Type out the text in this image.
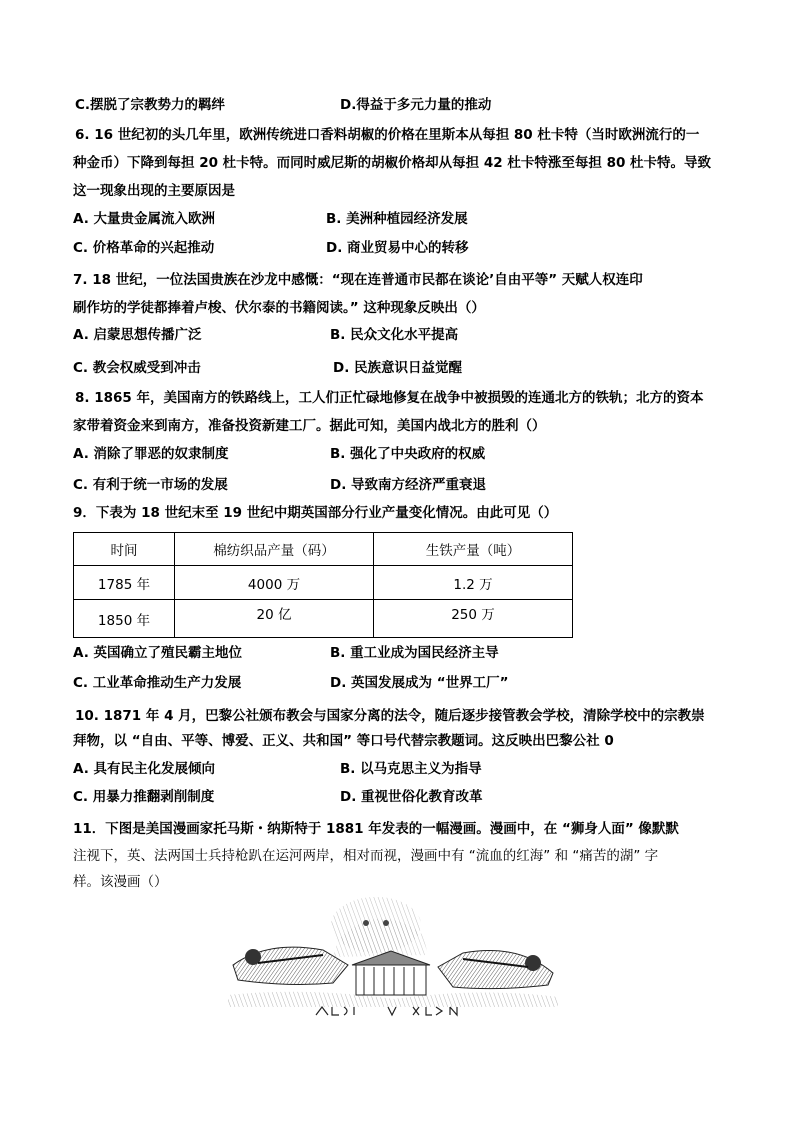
C.摆脱了宗教势力的羁绊	D.得益于多元力量的推动
6. 16 世纪初的头几年里，欧洲传统进口香料胡椒的价格在里斯本从每担 80 杜卡特（当时欧洲流行的一
种金币）下降到每担 20 杜卡特。而同时威尼斯的胡椒价格却从每担 42 杜卡特涨至每担 80 杜卡特。导致
这一现象出现的主要原因是
A. 大量贵金属流入欧洲	B. 美洲种植园经济发展
C. 价格革命的兴起推动	D. 商业贸易中心的转移
7. 18 世纪，一位法国贵族在沙龙中感慨：“现在连普通市民都在谈论’自由平等” 天赋人权连印
刷作坊的学徒都捧着卢梭、伏尔泰的书籍阅读。” 这种现象反映出（）
A. 启蒙思想传播广泛	B. 民众文化水平提高
C. 教会权威受到冲击	D. 民族意识日益觉醒
8. 1865 年，美国南方的铁路线上，工人们正忙碌地修复在战争中被损毁的连通北方的铁轨；北方的资本
家带着资金来到南方，准备投资新建工厂。据此可知，美国内战北方的胜利（）
A. 消除了罪恶的奴隶制度	B. 强化了中央政府的权威
C. 有利于统一市场的发展	D. 导致南方经济严重衰退
9．下表为 18 世纪末至 19 世纪中期英国部分行业产量变化情况。由此可见（）
时间	棉纺织品产量（码）	生铁产量（吨）
1785 年	4000 万	1.2 万
1850 年	20 亿	250 万
A. 英国确立了殖民霸主地位	B. 重工业成为国民经济主导
C. 工业革命推动生产力发展	D. 英国发展成为 “世界工厂”
10. 1871 年 4 月，巴黎公社颁布教会与国家分离的法令，随后逐步接管教会学校，清除学校中的宗教崇
拜物，以 “自由、平等、博爱、正义、共和国” 等口号代替宗教题词。这反映出巴黎公社 0
A. 具有民主化发展倾向	B. 以马克思主义为指导
C. 用暴力推翻剥削制度	D. 重视世俗化教育改革
11．下图是美国漫画家托马斯・纳斯特于 1881 年发表的一幅漫画。漫画中，在 “狮身人面” 像默默
注视下，英、法两国士兵持枪趴在运河两岸，相对而视，漫画中有 “流血的红海” 和 “痛苦的湖” 字
样。该漫画（）
